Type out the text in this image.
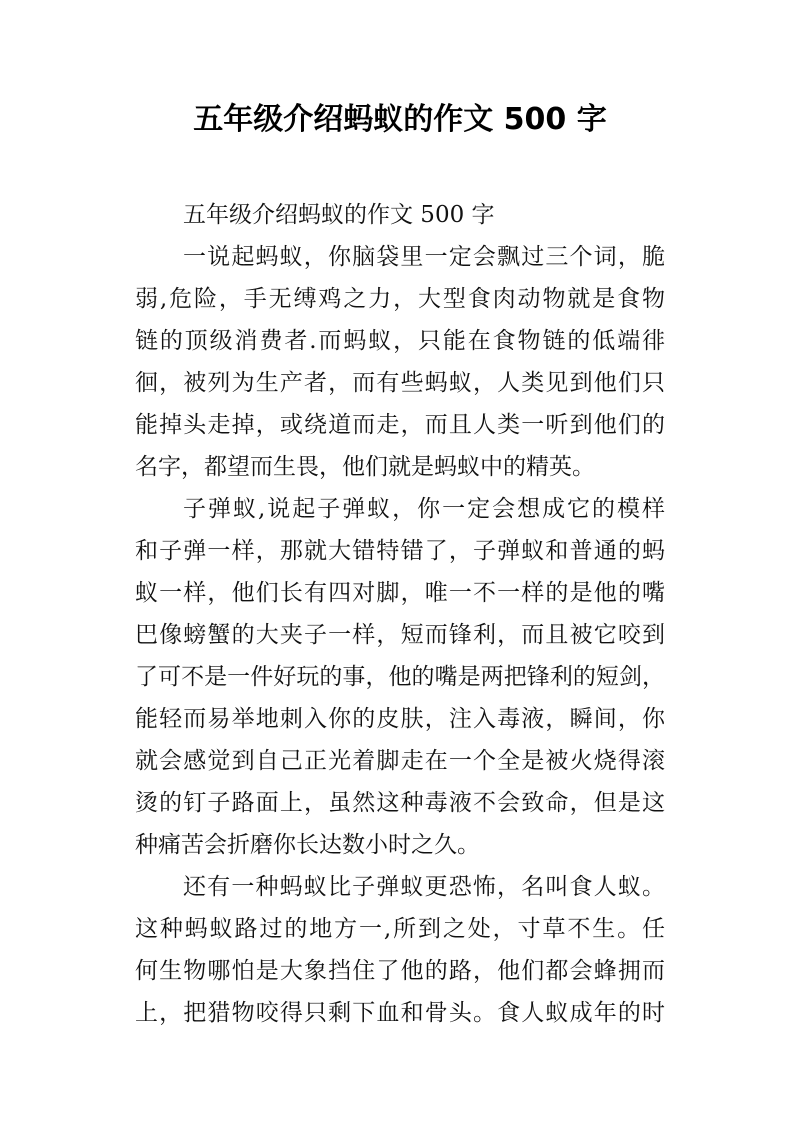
五年级介绍蚂蚁的作文 500 字
五年级介绍蚂蚁的作文 500 字
一说起蚂蚁，你脑袋里一定会飘过三个词，脆
弱,危险，手无缚鸡之力，大型食肉动物就是食物
链的顶级消费者.而蚂蚁，只能在食物链的低端徘
徊，被列为生产者，而有些蚂蚁，人类见到他们只
能掉头走掉，或绕道而走，而且人类一听到他们的
名字，都望而生畏，他们就是蚂蚁中的精英。
子弹蚁,说起子弹蚁，你一定会想成它的模样
和子弹一样，那就大错特错了，子弹蚁和普通的蚂
蚁一样，他们长有四对脚，唯一不一样的是他的嘴
巴像螃蟹的大夹子一样，短而锋利，而且被它咬到
了可不是一件好玩的事，他的嘴是两把锋利的短剑，
能轻而易举地刺入你的皮肤，注入毒液，瞬间，你
就会感觉到自己正光着脚走在一个全是被火烧得滚
烫的钉子路面上，虽然这种毒液不会致命，但是这
种痛苦会折磨你长达数小时之久。
还有一种蚂蚁比子弹蚁更恐怖，名叫食人蚁。
这种蚂蚁路过的地方一,所到之处，寸草不生。任
何生物哪怕是大象挡住了他的路，他们都会蜂拥而
上，把猎物咬得只剩下血和骨头。食人蚁成年的时
